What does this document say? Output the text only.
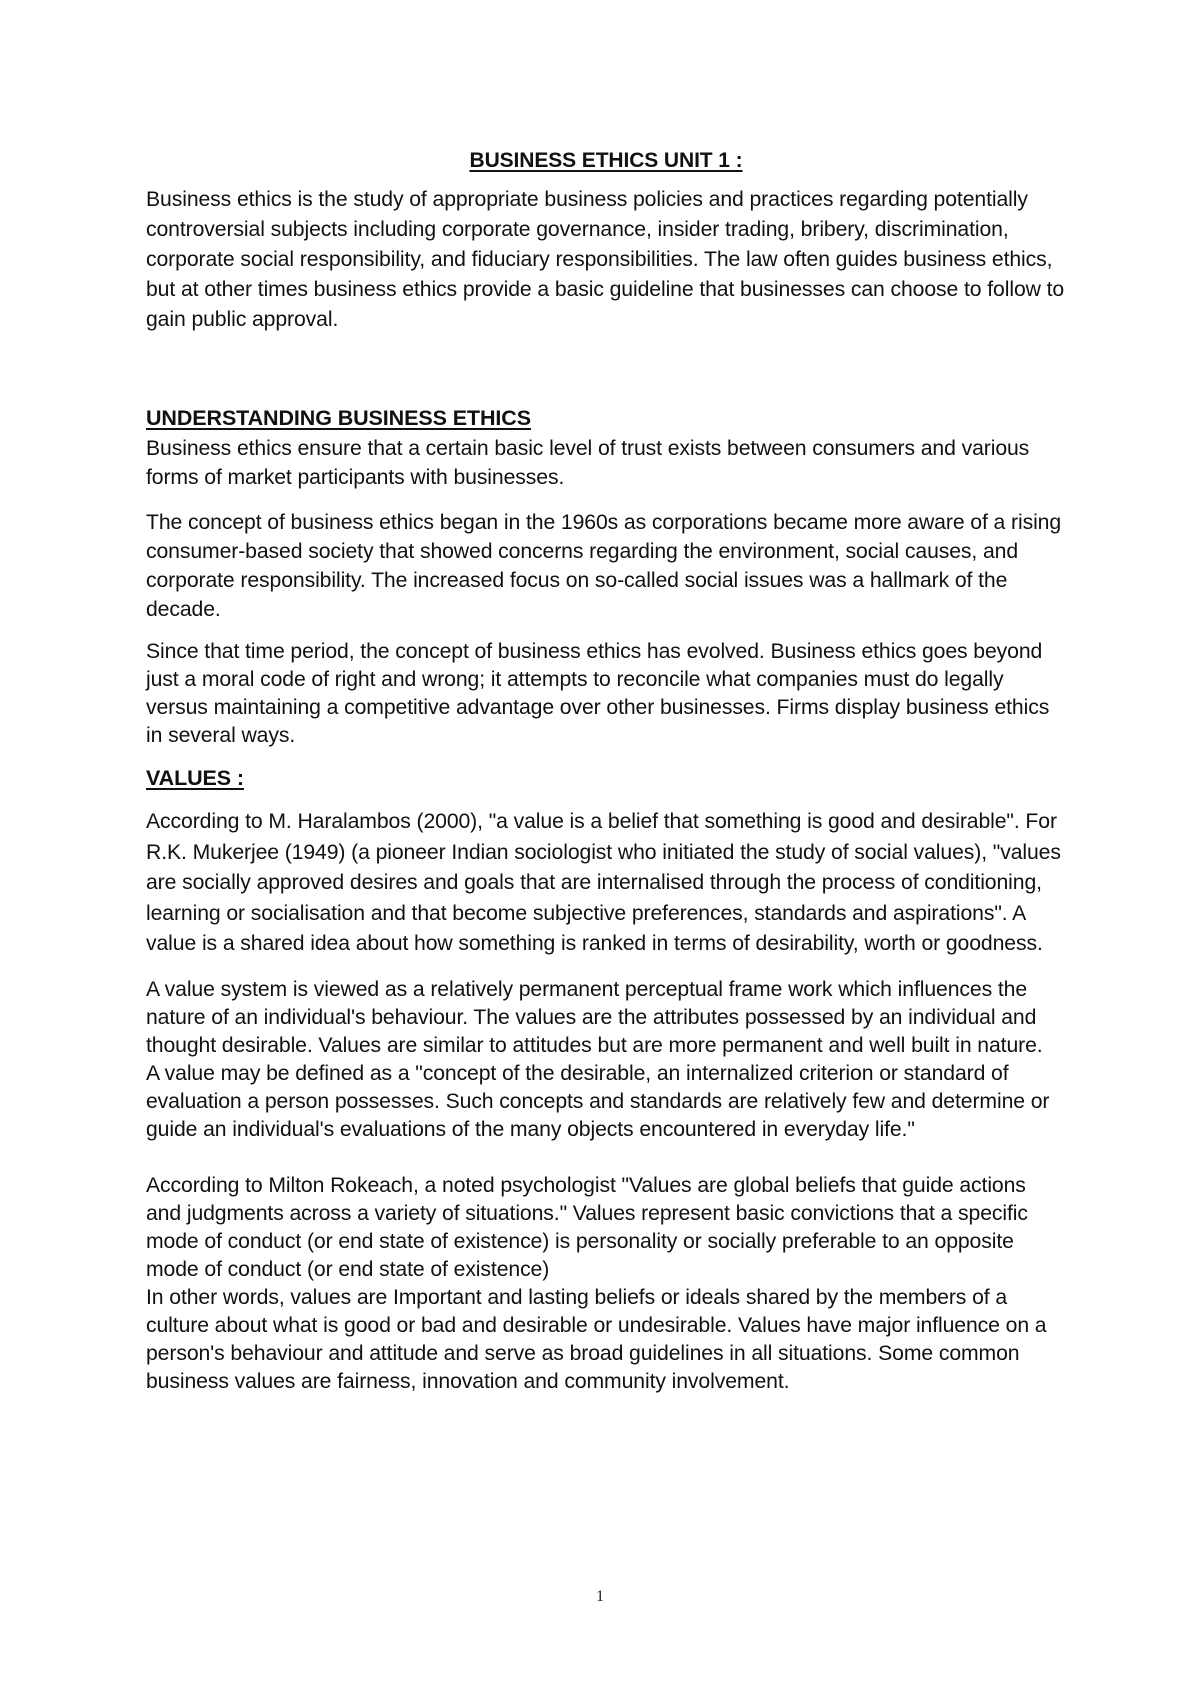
BUSINESS ETHICS UNIT 1 :

Business ethics is the study of appropriate business policies and practices regarding potentially controversial subjects including corporate governance, insider trading, bribery, discrimination, corporate social responsibility, and fiduciary responsibilities. The law often guides business ethics, but at other times business ethics provide a basic guideline that businesses can choose to follow to gain public approval.

UNDERSTANDING BUSINESS ETHICS

Business ethics ensure that a certain basic level of trust exists between consumers and various forms of market participants with businesses.

The concept of business ethics began in the 1960s as corporations became more aware of a rising consumer-based society that showed concerns regarding the environment, social causes, and corporate responsibility. The increased focus on so-called social issues was a hallmark of the decade.

Since that time period, the concept of business ethics has evolved. Business ethics goes beyond just a moral code of right and wrong; it attempts to reconcile what companies must do legally versus maintaining a competitive advantage over other businesses. Firms display business ethics in several ways.

VALUES :

According to M. Haralambos (2000), "a value is a belief that something is good and desirable". For R.K. Mukerjee (1949) (a pioneer Indian sociologist who initiated the study of social values), "values are socially approved desires and goals that are internalised through the process of conditioning, learning or socialisation and that become subjective preferences, standards and aspirations". A value is a shared idea about how something is ranked in terms of desirability, worth or goodness.

A value system is viewed as a relatively permanent perceptual frame work which influences the nature of an individual's behaviour. The values are the attributes possessed by an individual and thought desirable. Values are similar to attitudes but are more permanent and well built in nature.

A value may be defined as a "concept of the desirable, an internalized criterion or standard of evaluation a person possesses. Such concepts and standards are relatively few and determine or guide an individual's evaluations of the many objects encountered in everyday life."

According to Milton Rokeach, a noted psychologist "Values are global beliefs that guide actions and judgments across a variety of situations." Values represent basic convictions that a specific mode of conduct (or end state of existence) is personality or socially preferable to an opposite mode of conduct (or end state of existence)

In other words, values are Important and lasting beliefs or ideals shared by the members of a culture about what is good or bad and desirable or undesirable. Values have major influence on a person's behaviour and attitude and serve as broad guidelines in all situations. Some common business values are fairness, innovation and community involvement.

1
